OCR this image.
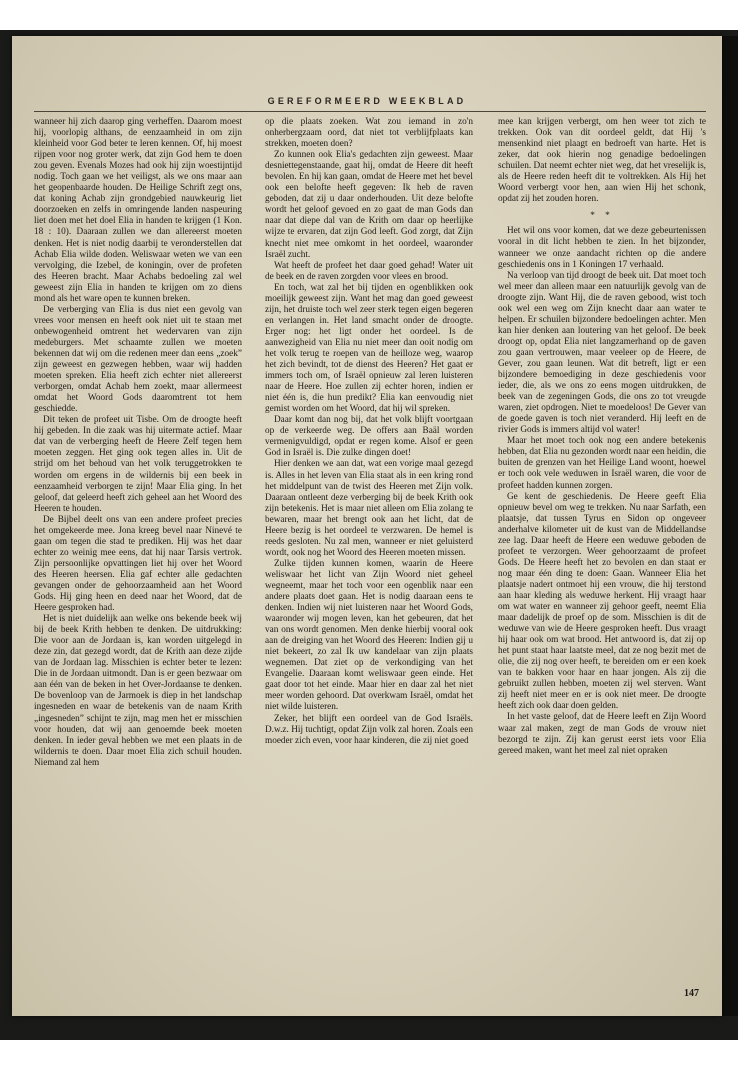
GEREFORMEERD WEEKBLAD

wanneer hij zich daarop ging verheffen. Daarom moest hij, voorlopig althans, de eenzaamheid in om zijn kleinheid voor God beter te leren kennen. Of, hij moest rijpen voor nog groter werk, dat zijn God hem te doen zou geven. Evenals Mozes had ook hij zijn woestijntijd nodig. Toch gaan we het veiligst, als we ons maar aan het geopenbaarde houden. De Heilige Schrift zegt ons, dat koning Achab zijn grondgebied nauwkeurig liet doorzoeken en zelfs in omringende landen naspeuring liet doen met het doel Elia in handen te krijgen (1 Kon. 18 : 10). Daaraan zullen we dan allereerst moeten denken. Het is niet nodig daarbij te veronderstellen dat Achab Elia wilde doden. Weliswaar weten we van een vervolging, die Izebel, de koningin, over de profeten des Heeren bracht. Maar Achabs bedoeling zal wel geweest zijn Elia in handen te krijgen om zo diens mond als het ware open te kunnen breken.

De verberging van Elia is dus niet een gevolg van vrees voor mensen en heeft ook niet uit te staan met onbewogenheid omtrent het wedervaren van zijn medeburgers. Met schaamte zullen we moeten bekennen dat wij om die redenen meer dan eens „zoek” zijn geweest en gezwegen hebben, waar wij hadden moeten spreken. Elia heeft zich echter niet allereerst verborgen, omdat Achab hem zoekt, maar allermeest omdat het Woord Gods daaromtrent tot hem geschiedde.

Dit teken de profeet uit Tisbe. Om de droogte heeft hij gebeden. In die zaak was hij uitermate actief. Maar dat van de verberging heeft de Heere Zelf tegen hem moeten zeggen. Het ging ook tegen alles in. Uit de strijd om het behoud van het volk teruggetrokken te worden om ergens in de wildernis bij een beek in eenzaamheid verborgen te zijn! Maar Elia ging. In het geloof, dat geleerd heeft zich geheel aan het Woord des Heeren te houden.

De Bijbel deelt ons van een andere profeet precies het omgekeerde mee. Jona kreeg bevel naar Ninevé te gaan om tegen die stad te prediken. Hij was het daar echter zo weinig mee eens, dat hij naar Tarsis vertrok. Zijn persoonlijke opvattingen liet hij over het Woord des Heeren heersen. Elia gaf echter alle gedachten gevangen onder de gehoorzaamheid aan het Woord Gods. Hij ging heen en deed naar het Woord, dat de Heere gesproken had.

Het is niet duidelijk aan welke ons bekende beek wij bij de beek Krith hebben te denken. De uitdrukking: Die voor aan de Jordaan is, kan worden uitgelegd in deze zin, dat gezegd wordt, dat de Krith aan deze zijde van de Jordaan lag. Misschien is echter beter te lezen: Die in de Jordaan uitmondt. Dan is er geen bezwaar om aan één van de beken in het Over-Jordaanse te denken. De bovenloop van de Jarmoek is diep in het landschap ingesneden en waar de betekenis van de naam Krith „ingesneden” schijnt te zijn, mag men het er misschien voor houden, dat wij aan genoemde beek moeten denken. In ieder geval hebben we met een plaats in de wildernis te doen. Daar moet Elia zich schuil houden. Niemand zal hem

op die plaats zoeken. Wat zou iemand in zo'n onherbergzaam oord, dat niet tot verblijfplaats kan strekken, moeten doen?

Zo kunnen ook Elia's gedachten zijn geweest. Maar desniettegenstaande, gaat hij, omdat de Heere dit heeft bevolen. En hij kan gaan, omdat de Heere met het bevel ook een belofte heeft gegeven: Ik heb de raven geboden, dat zij u daar onderhouden. Uit deze belofte wordt het geloof gevoed en zo gaat de man Gods dan naar dat diepe dal van de Krith om daar op heerlijke wijze te ervaren, dat zijn God leeft. God zorgt, dat Zijn knecht niet mee omkomt in het oordeel, waaronder Israël zucht.

Wat heeft de profeet het daar goed gehad! Water uit de beek en de raven zorgden voor vlees en brood.

En toch, wat zal het bij tijden en ogenblikken ook moeilijk geweest zijn. Want het mag dan goed geweest zijn, het druiste toch wel zeer sterk tegen eigen begeren en verlangen in. Het land smacht onder de droogte. Erger nog: het ligt onder het oordeel. Is de aanwezigheid van Elia nu niet meer dan ooit nodig om het volk terug te roepen van de heilloze weg, waarop het zich bevindt, tot de dienst des Heeren? Het gaat er immers toch om, of Israël opnieuw zal leren luisteren naar de Heere. Hoe zullen zij echter horen, indien er niet één is, die hun predikt? Elia kan eenvoudig niet gemist worden om het Woord, dat hij wil spreken.

Daar komt dan nog bij, dat het volk blijft voortgaan op de verkeerde weg. De offers aan Baäl worden vermenigvuldigd, opdat er regen kome. Alsof er geen God in Israël is. Die zulke dingen doet!

Hier denken we aan dat, wat een vorige maal gezegd is. Alles in het leven van Elia staat als in een kring rond het middelpunt van de twist des Heeren met Zijn volk. Daaraan ontleent deze verberging bij de beek Krith ook zijn betekenis. Het is maar niet alleen om Elia zolang te bewaren, maar het brengt ook aan het licht, dat de Heere bezig is het oordeel te verzwaren. De hemel is reeds gesloten. Nu zal men, wanneer er niet geluisterd wordt, ook nog het Woord des Heeren moeten missen.

Zulke tijden kunnen komen, waarin de Heere weliswaar het licht van Zijn Woord niet geheel wegneemt, maar het toch voor een ogenblik naar een andere plaats doet gaan. Het is nodig daaraan eens te denken. Indien wij niet luisteren naar het Woord Gods, waaronder wij mogen leven, kan het gebeuren, dat het van ons wordt genomen. Men denke hierbij vooral ook aan de dreiging van het Woord des Heeren: Indien gij u niet bekeert, zo zal Ik uw kandelaar van zijn plaats wegnemen. Dat ziet op de verkondiging van het Evangelie. Daaraan komt weliswaar geen einde. Het gaat door tot het einde. Maar hier en daar zal het niet meer worden gehoord. Dat overkwam Israël, omdat het niet wilde luisteren.

Zeker, het blijft een oordeel van de God Israëls. D.w.z. Hij tuchtigt, opdat Zijn volk zal horen. Zoals een moeder zich even, voor haar kinderen, die zij niet goed

mee kan krijgen verbergt, om hen weer tot zich te trekken. Ook van dit oordeel geldt, dat Hij 's mensenkind niet plaagt en bedroeft van harte. Het is zeker, dat ook hierin nog genadige bedoelingen schuilen. Dat neemt echter niet weg, dat het vreselijk is, als de Heere reden heeft dit te voltrekken. Als Hij het Woord verbergt voor hen, aan wien Hij het schonk, opdat zij het zouden horen.

* *

Het wil ons voor komen, dat we deze gebeurtenissen vooral in dit licht hebben te zien. In het bijzonder, wanneer we onze aandacht richten op die andere geschiedenis ons in 1 Koningen 17 verhaald.

Na verloop van tijd droogt de beek uit. Dat moet toch wel meer dan alleen maar een natuurlijk gevolg van de droogte zijn. Want Hij, die de raven gebood, wist toch ook wel een weg om Zijn knecht daar aan water te helpen. Er schuilen bijzondere bedoelingen achter. Men kan hier denken aan loutering van het geloof. De beek droogt op, opdat Elia niet langzamerhand op de gaven zou gaan vertrouwen, maar veeleer op de Heere, de Gever, zou gaan leunen. Wat dit betreft, ligt er een bijzondere bemoediging in deze geschiedenis voor ieder, die, als we ons zo eens mogen uitdrukken, de beek van de zegeningen Gods, die ons zo tot vreugde waren, ziet opdrogen. Niet te moedeloos! De Gever van de goede gaven is toch niet veranderd. Hij leeft en de rivier Gods is immers altijd vol water!

Maar het moet toch ook nog een andere betekenis hebben, dat Elia nu gezonden wordt naar een heidin, die buiten de grenzen van het Heilige Land woont, hoewel er toch ook vele weduwen in Israël waren, die voor de profeet hadden kunnen zorgen.

Ge kent de geschiedenis. De Heere geeft Elia opnieuw bevel om weg te trekken. Nu naar Sarfath, een plaatsje, dat tussen Tyrus en Sidon op ongeveer anderhalve kilometer uit de kust van de Middellandse zee lag. Daar heeft de Heere een weduwe geboden de profeet te verzorgen. Weer gehoorzaamt de profeet Gods. De Heere heeft het zo bevolen en dan staat er nog maar één ding te doen: Gaan. Wanneer Elia het plaatsje nadert ontmoet hij een vrouw, die hij terstond aan haar kleding als weduwe herkent. Hij vraagt haar om wat water en wanneer zij gehoor geeft, neemt Elia maar dadelijk de proef op de som. Misschien is dit de weduwe van wie de Heere gesproken heeft. Dus vraagt hij haar ook om wat brood. Het antwoord is, dat zij op het punt staat haar laatste meel, dat ze nog bezit met de olie, die zij nog over heeft, te bereiden om er een koek van te bakken voor haar en haar jongen. Als zij die gebruikt zullen hebben, moeten zij wel sterven. Want zij heeft niet meer en er is ook niet meer. De droogte heeft zich ook daar doen gelden.

In het vaste geloof, dat de Heere leeft en Zijn Woord waar zal maken, zegt de man Gods de vrouw niet bezorgd te zijn. Zij kan gerust eerst iets voor Elia gereed maken, want het meel zal niet opraken

147
